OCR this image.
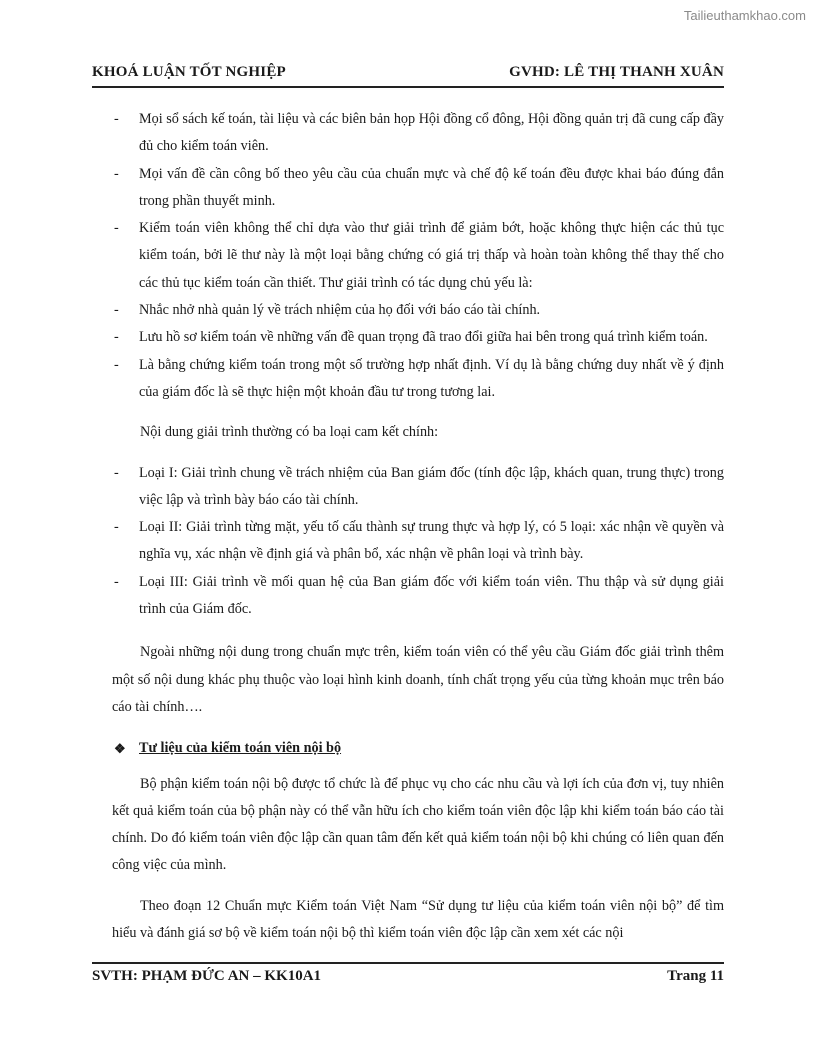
Tailieuthamkhao.com
KHOÁ LUẬN TỐT NGHIỆP	GVHD: LÊ THỊ THANH XUÂN

- Mọi sổ sách kế toán, tài liệu và các biên bản họp Hội đồng cổ đông, Hội đồng quản trị đã cung cấp đầy đủ cho kiểm toán viên.

- Mọi vấn đề cần công bố theo yêu cầu của chuẩn mực và chế độ kế toán đều được khai báo đúng đắn trong phần thuyết minh.

- Kiểm toán viên không thể chỉ dựa vào thư giải trình để giảm bớt, hoặc không thực hiện các thủ tục kiểm toán, bởi lẽ thư này là một loại bằng chứng có giá trị thấp và hoàn toàn không thể thay thế cho các thủ tục kiểm toán cần thiết. Thư giải trình có tác dụng chủ yếu là:

- Nhắc nhở nhà quản lý về trách nhiệm của họ đối với báo cáo tài chính.

- Lưu hồ sơ kiểm toán về những vấn đề quan trọng đã trao đổi giữa hai bên trong quá trình kiểm toán.

- Là bằng chứng kiểm toán trong một số trường hợp nhất định. Ví dụ là bằng chứng duy nhất về ý định của giám đốc là sẽ thực hiện một khoản đầu tư trong tương lai.

Nội dung giải trình thường có ba loại cam kết chính:

- Loại I: Giải trình chung về trách nhiệm của Ban giám đốc (tính độc lập, khách quan, trung thực) trong việc lập và trình bày báo cáo tài chính.

- Loại II: Giải trình từng mặt, yếu tố cấu thành sự trung thực và hợp lý, có 5 loại: xác nhận về quyền và nghĩa vụ, xác nhận về định giá và phân bổ, xác nhận về phân loại và trình bày.

- Loại III: Giải trình về mối quan hệ của Ban giám đốc với kiểm toán viên. Thu thập và sử dụng giải trình của Giám đốc.

Ngoài những nội dung trong chuẩn mực trên, kiểm toán viên có thể yêu cầu Giám đốc giải trình thêm một số nội dung khác phụ thuộc vào loại hình kinh doanh, tính chất trọng yếu của từng khoản mục trên báo cáo tài chính….

❖ Tư liệu của kiểm toán viên nội bộ

Bộ phận kiểm toán nội bộ được tổ chức là để phục vụ cho các nhu cầu và lợi ích của đơn vị, tuy nhiên kết quả kiểm toán của bộ phận này có thể vẫn hữu ích cho kiểm toán viên độc lập khi kiểm toán báo cáo tài chính. Do đó kiểm toán viên độc lập cần quan tâm đến kết quả kiểm toán nội bộ khi chúng có liên quan đến công việc của mình.

Theo đoạn 12 Chuẩn mực Kiểm toán Việt Nam “Sử dụng tư liệu của kiểm toán viên nội bộ” để tìm hiểu và đánh giá sơ bộ về kiểm toán nội bộ thì kiểm toán viên độc lập cần xem xét các nội

SVTH: PHẠM ĐỨC AN – KK10A1	Trang 11
